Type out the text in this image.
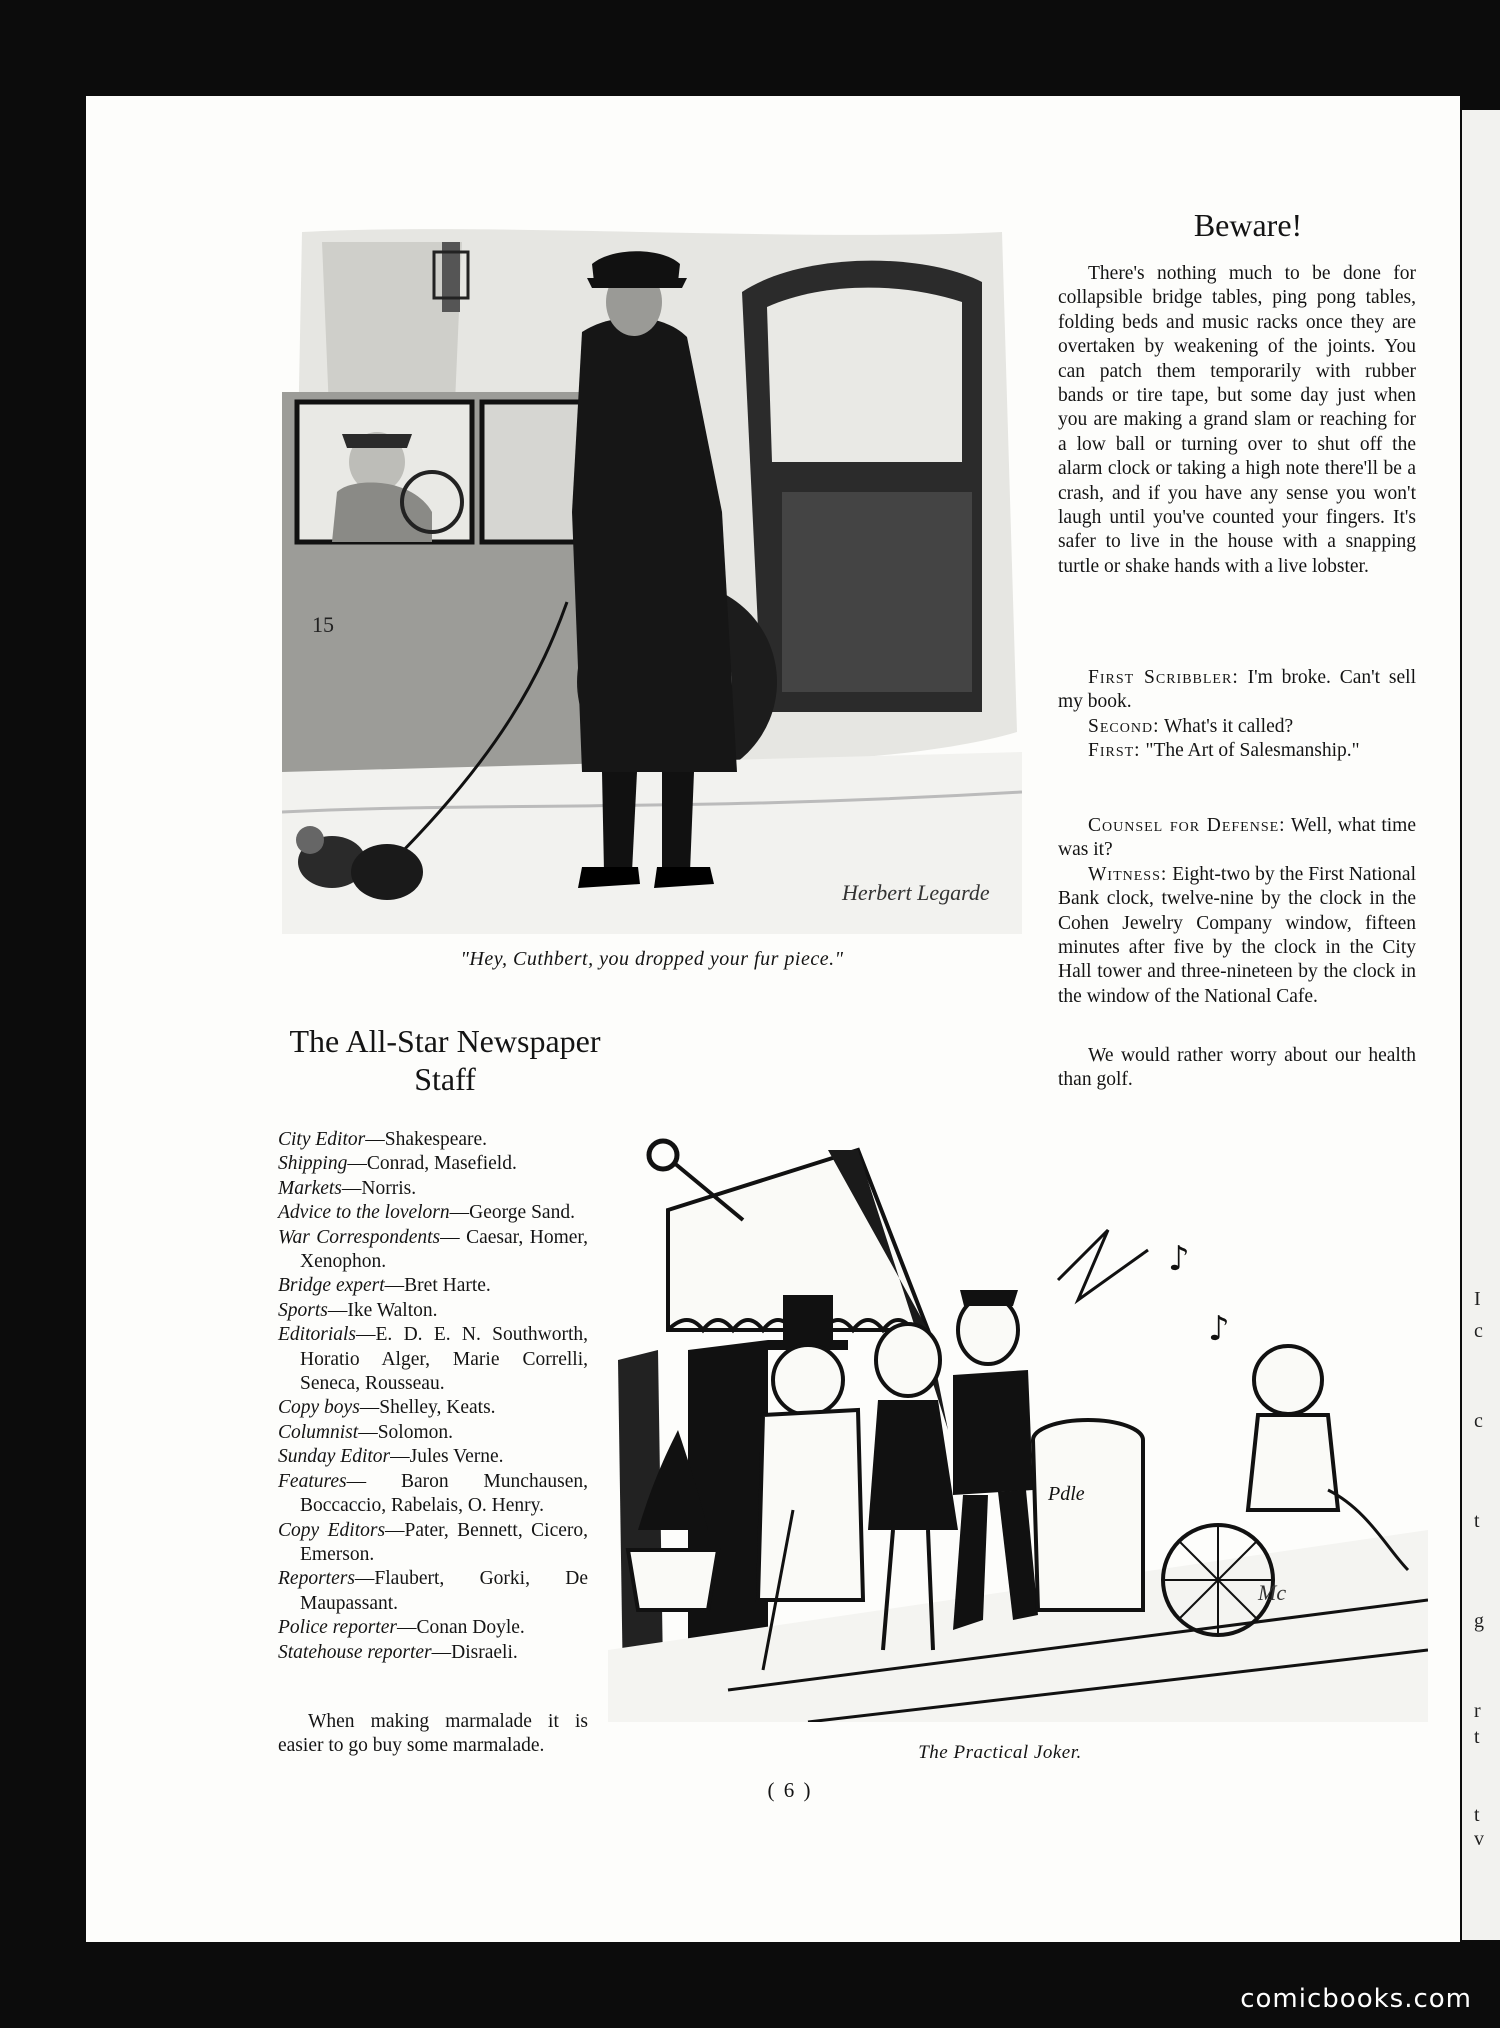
I
c
c
t
g
r
t
t
v
Herbert Legarde
15
"Hey, Cuthbert, you dropped your fur piece."
Beware!

There's nothing much to be done for collapsible bridge tables, ping pong tables, folding beds and music racks once they are overtaken by weakening of the joints. You can patch them temporarily with rubber bands or tire tape, but some day just when you are making a grand slam or reaching for a low ball or turning over to shut off the alarm clock or taking a high note there'll be a crash, and if you have any sense you won't laugh until you've counted your fingers. It's safer to live in the house with a snapping turtle or shake hands with a live lobster.

First Scribbler: I'm broke. Can't sell my book.

Second: What's it called?

First: "The Art of Salesmanship."

Counsel for Defense: Well, what time was it?

Witness: Eight-two by the First National Bank clock, twelve-nine by the clock in the Cohen Jewelry Company window, fifteen minutes after five by the clock in the City Hall tower and three-nineteen by the clock in the window of the National Cafe.

We would rather worry about our health than golf.

The All-Star Newspaper
Staff
City Editor—Shakespeare.
Shipping—Conrad, Masefield.
Markets—Norris.
Advice to the lovelorn—George Sand.
War Correspondents— Caesar, Homer, Xenophon.
Bridge expert—Bret Harte.
Sports—Ike Walton.
Editorials—E. D. E. N. Southworth, Horatio Alger, Marie Correlli, Seneca, Rousseau.
Copy boys—Shelley, Keats.
Columnist—Solomon.
Sunday Editor—Jules Verne.
Features— Baron Munchausen, Boccaccio, Rabelais, O. Henry.
Copy Editors—Pater, Bennett, Cicero, Emerson.
Reporters—Flaubert, Gorki, De Maupassant.
Police reporter—Conan Doyle.
Statehouse reporter—Disraeli.

When making marmalade it is easier to go buy some marmalade.

♪
♪
Pdle
Mc
The Practical Joker.
( 6 )
comicbooks.com
